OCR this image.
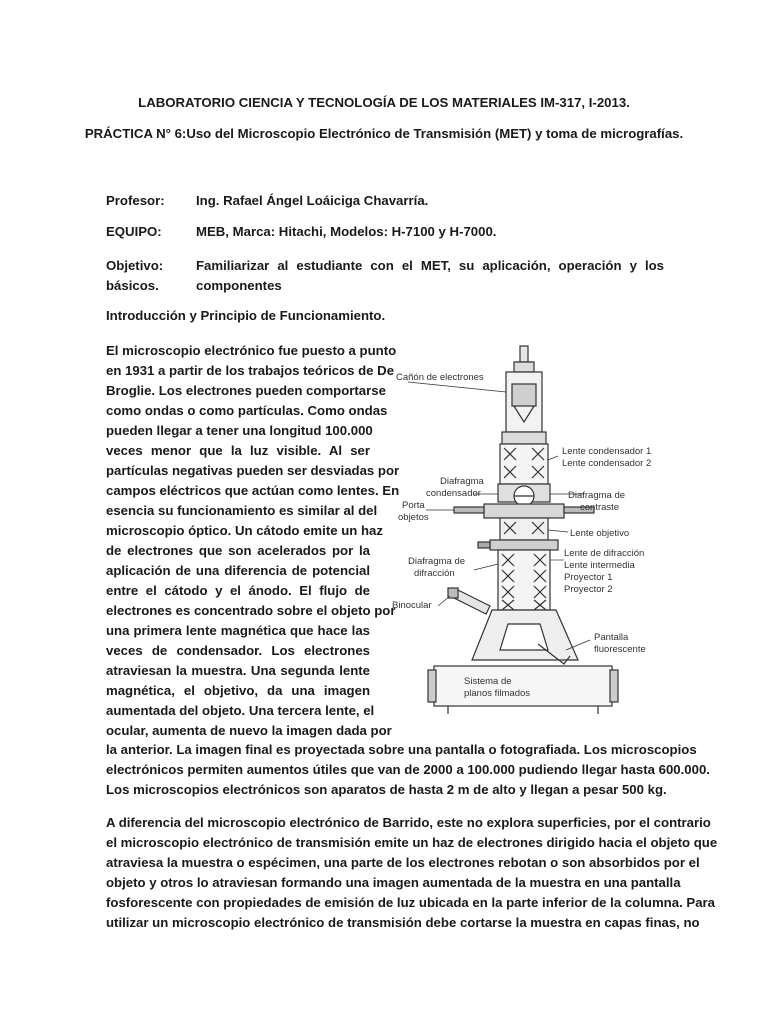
LABORATORIO CIENCIA Y TECNOLOGÍA DE LOS MATERIALES IM-317, I-2013.
PRÁCTICA N° 6:Uso del Microscopio Electrónico de Transmisión (MET) y toma de micrografías.
Profesor: Ing. Rafael Ángel Loáiciga Chavarría.
EQUIPO:	MEB, Marca: Hitachi, Modelos: H-7100 y H-7000.
Objetivo: Familiarizar al estudiante con el MET, su aplicación, operación y los componentes
básicos.
Introducción y Principio de Funcionamiento.
El microscopio electrónico fue puesto a punto
en 1931 a partir de los trabajos teóricos de De
Broglie. Los electrones pueden comportarse
como ondas o como partículas. Como ondas
pueden llegar a tener una longitud 100.000
veces menor que la luz visible. Al ser
partículas negativas pueden ser desviadas por
campos eléctricos que actúan como lentes. En
esencia su funcionamiento es similar al del
microscopio óptico. Un cátodo emite un haz
de electrones que son acelerados por la
aplicación de una diferencia de potencial
entre el cátodo y el ánodo. El flujo de
electrones es concentrado sobre el objeto por
una primera lente magnética que hace las
veces de condensador. Los electrones
atraviesan la muestra. Una segunda lente
magnética, el objetivo, da una imagen
aumentada del objeto. Una tercera lente, el
ocular, aumenta de nuevo la imagen dada por
Cañón de electrones
Lente condensador 1
Lente condensador 2
Diafragma
condensador	Diafragma de
contraste
Porta
objetos
Lente objetivo
Diafragma de
difracción
Lente de difracción
Lente intermedia
Proyector 1
Proyector 2
Binocular
Pantalla
fluorescente
Sistema de
planos filmados
la anterior. La imagen final es proyectada sobre una pantalla o fotografiada. Los microscopios
electrónicos permiten aumentos útiles que van de 2000 a 100.000 pudiendo llegar hasta 600.000.
Los microscopios electrónicos son aparatos de hasta 2 m de alto y llegan a pesar 500 kg.
A diferencia del microscopio electrónico de Barrido, este no explora superficies, por el contrario
el microscopio electrónico de transmisión emite un haz de electrones dirigido hacia el objeto que
atraviesa la muestra o espécimen, una parte de los electrones rebotan o son absorbidos por el
objeto y otros lo atraviesan formando una imagen aumentada de la muestra en una pantalla
fosforescente con propiedades de emisión de luz ubicada en la parte inferior de la columna. Para
utilizar un microscopio electrónico de transmisión debe cortarse la muestra en capas finas, no
